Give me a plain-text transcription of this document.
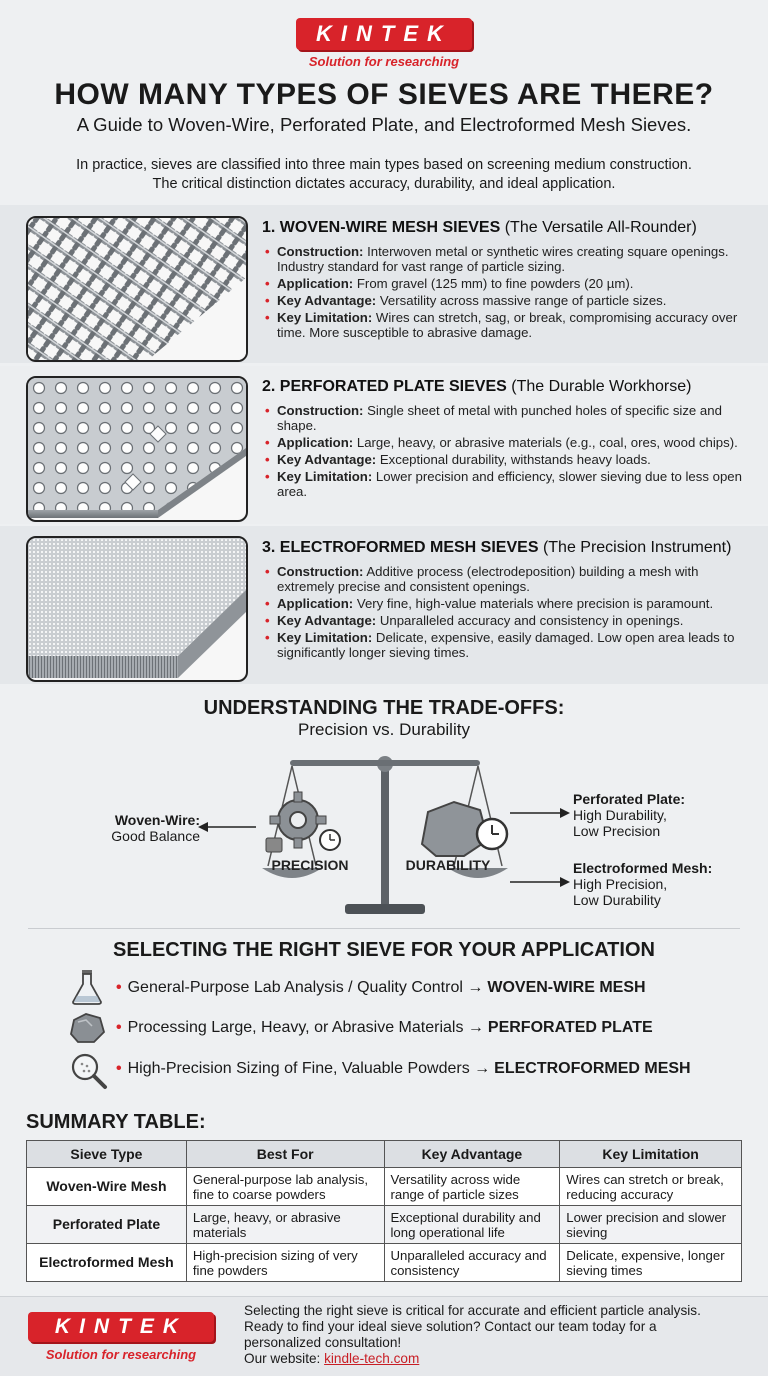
KINTEK
Solution for researching
HOW MANY TYPES OF SIEVES ARE THERE?
A Guide to Woven-Wire, Perforated Plate, and Electroformed Mesh Sieves.
In practice, sieves are classified into three main types based on screening medium construction.
The critical distinction dictates accuracy, durability, and ideal application.
1. WOVEN-WIRE MESH SIEVES (The Versatile All-Rounder)
• Construction: Interwoven metal or synthetic wires creating square openings. Industry standard for vast range of particle sizing.
• Application: From gravel (125 mm) to fine powders (20 µm).
• Key Advantage: Versatility across massive range of particle sizes.
• Key Limitation: Wires can stretch, sag, or break, compromising accuracy over time. More susceptible to abrasive damage.
2. PERFORATED PLATE SIEVES (The Durable Workhorse)
• Construction: Single sheet of metal with punched holes of specific size and shape.
• Application: Large, heavy, or abrasive materials (e.g., coal, ores, wood chips).
• Key Advantage: Exceptional durability, withstands heavy loads.
• Key Limitation: Lower precision and efficiency, slower sieving due to less open area.
3. ELECTROFORMED MESH SIEVES (The Precision Instrument)
• Construction: Additive process (electrodeposition) building a mesh with extremely precise and consistent openings.
• Application: Very fine, high-value materials where precision is paramount.
• Key Advantage: Unparalleled accuracy and consistency in openings.
• Key Limitation: Delicate, expensive, easily damaged. Low open area leads to significantly longer sieving times.
UNDERSTANDING THE TRADE-OFFS:
Precision vs. Durability
PRECISION	DURABILITY
Woven-Wire:
Good Balance
Perforated Plate:
High Durability,
Low Precision
Electroformed Mesh:
High Precision,
Low Durability
SELECTING THE RIGHT SIEVE FOR YOUR APPLICATION
• General-Purpose Lab Analysis / Quality Control → WOVEN-WIRE MESH
• Processing Large, Heavy, or Abrasive Materials → PERFORATED PLATE
• High-Precision Sizing of Fine, Valuable Powders → ELECTROFORMED MESH
SUMMARY TABLE:
Sieve Type	Best For	Key Advantage	Key Limitation
Woven-Wire Mesh	General-purpose lab analysis, fine to coarse powders	Versatility across wide range of particle sizes	Wires can stretch or break, reducing accuracy
Perforated Plate	Large, heavy, or abrasive materials	Exceptional durability and long operational life	Lower precision and slower sieving
Electroformed Mesh	High-precision sizing of very fine powders	Unparalleled accuracy and consistency	Delicate, expensive, longer sieving times
KINTEK
Solution for researching
Selecting the right sieve is critical for accurate and efficient particle analysis.
Ready to find your ideal sieve solution? Contact our team today for a
personalized consultation!
Our website: kindle-tech.com
